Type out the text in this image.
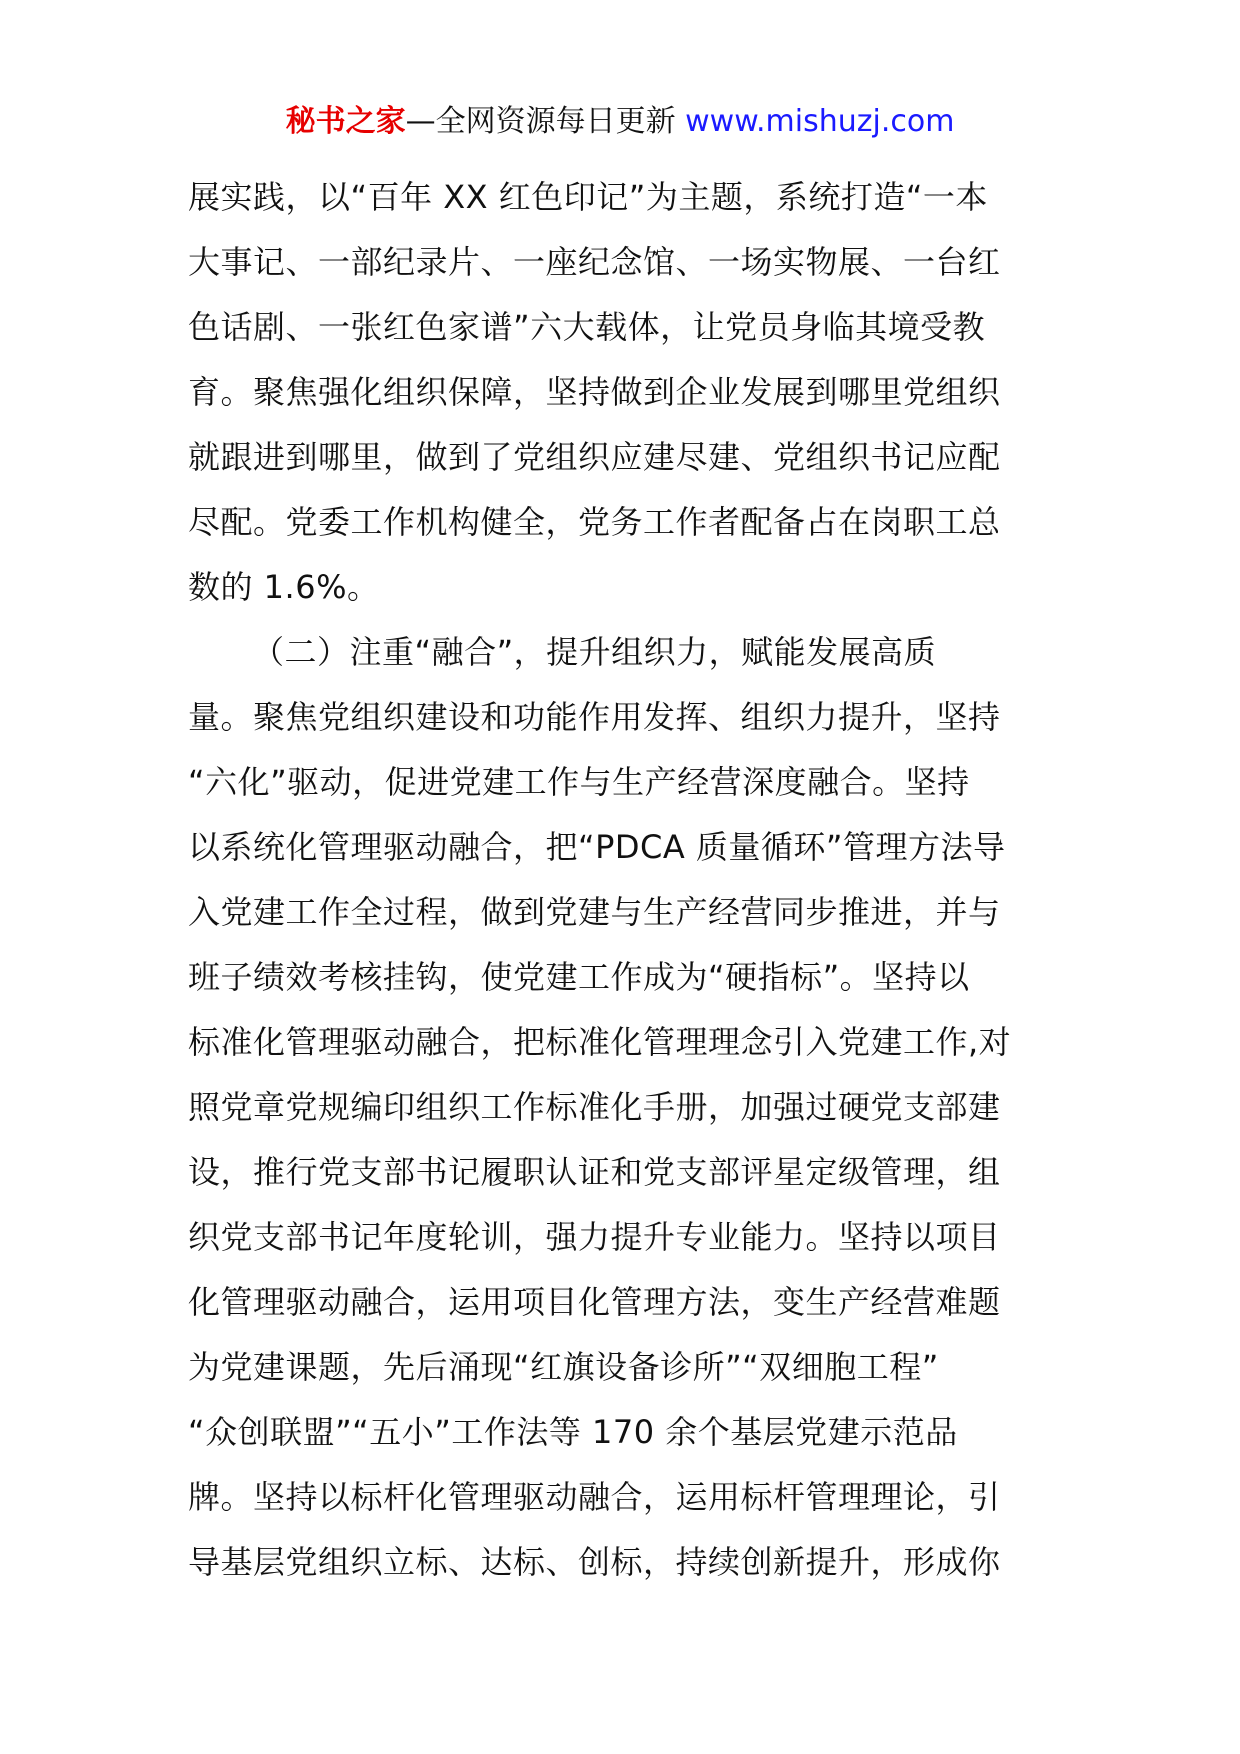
秘书之家—全网资源每日更新 www.mishuzj.com
展实践，以“百年 XX 红色印记”为主题，系统打造“一本
大事记、一部纪录片、一座纪念馆、一场实物展、一台红
色话剧、一张红色家谱”六大载体，让党员身临其境受教
育。聚焦强化组织保障，坚持做到企业发展到哪里党组织
就跟进到哪里，做到了党组织应建尽建、党组织书记应配
尽配。党委工作机构健全，党务工作者配备占在岗职工总
数的 1.6%。
（二）注重“融合”，提升组织力，赋能发展高质
量。聚焦党组织建设和功能作用发挥、组织力提升，坚持
“六化”驱动，促进党建工作与生产经营深度融合。坚持
以系统化管理驱动融合，把“PDCA 质量循环”管理方法导
入党建工作全过程，做到党建与生产经营同步推进，并与
班子绩效考核挂钩，使党建工作成为“硬指标”。坚持以
标准化管理驱动融合，把标准化管理理念引入党建工作,对
照党章党规编印组织工作标准化手册，加强过硬党支部建
设，推行党支部书记履职认证和党支部评星定级管理，组
织党支部书记年度轮训，强力提升专业能力。坚持以项目
化管理驱动融合，运用项目化管理方法，变生产经营难题
为党建课题，先后涌现“红旗设备诊所”“双细胞工程”
“众创联盟”“五小”工作法等 170 余个基层党建示范品
牌。坚持以标杆化管理驱动融合，运用标杆管理理论，引
导基层党组织立标、达标、创标，持续创新提升，形成你
